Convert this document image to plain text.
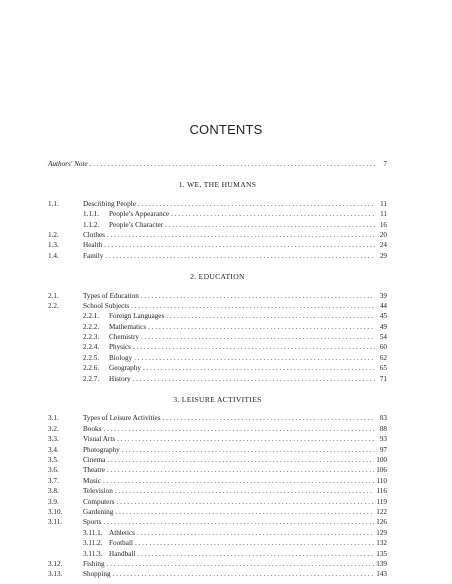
CONTENTS
Authors' Note . . .	7
1. WE, THE HUMANS
1.1.	Describing People . . .	11
1.1.1.	People’s Appearance . . .	11
1.1.2.	People’s Character . . .	16
1.2.	Clothes . . .	20
1.3.	Health . . .	24
1.4.	Family . . .	29
2. EDUCATION
2.1.	Types of Education . . .	39
2.2.	School Subjects . . .	44
2.2.1.	Foreign Languages . . .	45
2.2.2.	Mathematics . . .	49
2.2.3.	Chemistry . . .	54
2.2.4.	Physics . . .	60
2.2.5.	Biology . . .	62
2.2.6.	Geography . . .	65
2.2.7.	History . . .	71
3. LEISURE ACTIVITIES
3.1.	Types of Leisure Activities . . .	83
3.2.	Books . . .	88
3.3.	Visual Arts . . .	93
3.4.	Photography . . .	97
3.5.	Cinema . . .	100
3.6.	Theatre . . .	106
3.7.	Music . . .	110
3.8.	Television . . .	116
3.9.	Computers . . .	119
3.10.	Gardening . . .	122
3.11.	Sports . . .	126
3.11.1. Athletics . . .	129
3.11.2. Football . . .	132
3.11.3. Handball . . .	135
3.12.	Fishing . . .	139
3.13.	Shopping . . .	143
